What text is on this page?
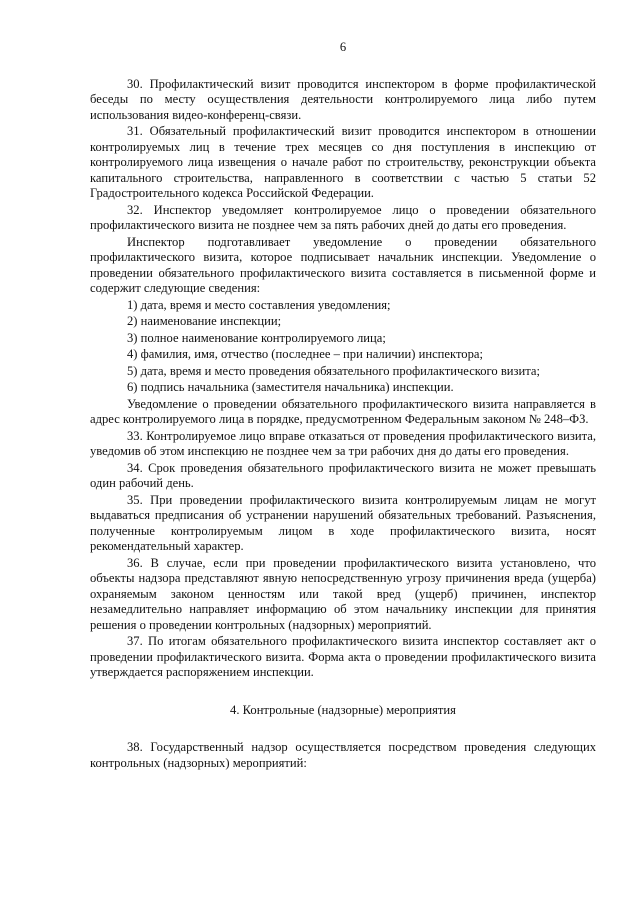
6

30. Профилактический визит проводится инспектором в форме профилактической беседы по месту осуществления деятельности контролируемого лица либо путем использования видео-конференц-связи.

31. Обязательный профилактический визит проводится инспектором в отношении контролируемых лиц в течение трех месяцев со дня поступления в инспекцию от контролируемого лица извещения о начале работ по строительству, реконструкции объекта капитального строительства, направленного в соответствии с частью 5 статьи 52 Градостроительного кодекса Российской Федерации.

32. Инспектор уведомляет контролируемое лицо о проведении обязательного профилактического визита не позднее чем за пять рабочих дней до даты его проведения.

Инспектор подготавливает уведомление о проведении обязательного профилактического визита, которое подписывает начальник инспекции. Уведомление о проведении обязательного профилактического визита составляется в письменной форме и содержит следующие сведения:

1) дата, время и место составления уведомления;
2) наименование инспекции;
3) полное наименование контролируемого лица;
4) фамилия, имя, отчество (последнее – при наличии) инспектора;
5) дата, время и место проведения обязательного профилактического визита;
6) подпись начальника (заместителя начальника) инспекции.

Уведомление о проведении обязательного профилактического визита направляется в адрес контролируемого лица в порядке, предусмотренном Федеральным законом № 248–ФЗ.

33. Контролируемое лицо вправе отказаться от проведения профилактического визита, уведомив об этом инспекцию не позднее чем за три рабочих дня до даты его проведения.

34. Срок проведения обязательного профилактического визита не может превышать один рабочий день.

35. При проведении профилактического визита контролируемым лицам не могут выдаваться предписания об устранении нарушений обязательных требований. Разъяснения, полученные контролируемым лицом в ходе профилактического визита, носят рекомендательный характер.

36. В случае, если при проведении профилактического визита установлено, что объекты надзора представляют явную непосредственную угрозу причинения вреда (ущерба) охраняемым законом ценностям или такой вред (ущерб) причинен, инспектор незамедлительно направляет информацию об этом начальнику инспекции для принятия решения о проведении контрольных (надзорных) мероприятий.

37. По итогам обязательного профилактического визита инспектор составляет акт о проведении профилактического визита. Форма акта о проведении профилактического визита утверждается распоряжением инспекции.

4. Контрольные (надзорные) мероприятия

38. Государственный надзор осуществляется посредством проведения следующих контрольных (надзорных) мероприятий:
